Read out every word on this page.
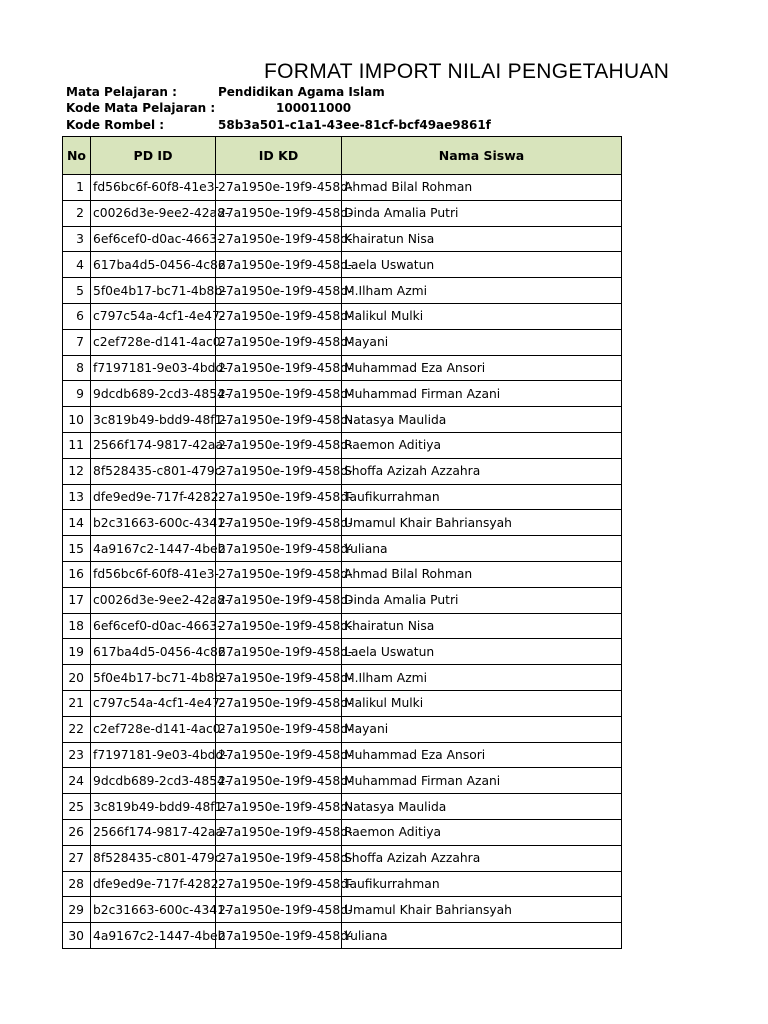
FORMAT IMPORT NILAI PENGETAHUAN
Mata Pelajaran :	Pendidikan Agama Islam
Kode Mata Pelajaran :	100011000
Kode Rombel :	58b3a501-c1a1-43ee-81cf-bcf49ae9861f
No	PD ID	ID KD	Nama Siswa
1	fd56bc6f-60f8-41e3-	27a1950e-19f9-458d-	Ahmad Bilal Rohman
2	c0026d3e-9ee2-42a8-	27a1950e-19f9-458d-	Dinda Amalia Putri
3	6ef6cef0-d0ac-4663-	27a1950e-19f9-458d-	Khairatun Nisa
4	617ba4d5-0456-4c86	27a1950e-19f9-458d-	Laela Uswatun
5	5f0e4b17-bc71-4b8b-	27a1950e-19f9-458d-	M.Ilham Azmi
6	c797c54a-4cf1-4e47-	27a1950e-19f9-458d-	Malikul Mulki
7	c2ef728e-d141-4ac0-	27a1950e-19f9-458d-	Mayani
8	f7197181-9e03-4bdd-	27a1950e-19f9-458d-	Muhammad Eza Ansori
9	9dcdb689-2cd3-4854-	27a1950e-19f9-458d-	Muhammad Firman Azani
10	3c819b49-bdd9-48f1-	27a1950e-19f9-458d-	Natasya Maulida
11	2566f174-9817-42aa-	27a1950e-19f9-458d-	Raemon Aditiya
12	8f528435-c801-479c-	27a1950e-19f9-458d-	Shoffa Azizah Azzahra
13	dfe9ed9e-717f-4282-	27a1950e-19f9-458d-	Taufikurrahman
14	b2c31663-600c-4341-	27a1950e-19f9-458d-	Umamul Khair Bahriansyah
15	4a9167c2-1447-4beb	27a1950e-19f9-458d-	Yuliana
16	fd56bc6f-60f8-41e3-	27a1950e-19f9-458d-	Ahmad Bilal Rohman
17	c0026d3e-9ee2-42a8-	27a1950e-19f9-458d-	Dinda Amalia Putri
18	6ef6cef0-d0ac-4663-	27a1950e-19f9-458d-	Khairatun Nisa
19	617ba4d5-0456-4c86	27a1950e-19f9-458d-	Laela Uswatun
20	5f0e4b17-bc71-4b8b-	27a1950e-19f9-458d-	M.Ilham Azmi
21	c797c54a-4cf1-4e47-	27a1950e-19f9-458d-	Malikul Mulki
22	c2ef728e-d141-4ac0-	27a1950e-19f9-458d-	Mayani
23	f7197181-9e03-4bdd-	27a1950e-19f9-458d-	Muhammad Eza Ansori
24	9dcdb689-2cd3-4854-	27a1950e-19f9-458d-	Muhammad Firman Azani
25	3c819b49-bdd9-48f1-	27a1950e-19f9-458d-	Natasya Maulida
26	2566f174-9817-42aa-	27a1950e-19f9-458d-	Raemon Aditiya
27	8f528435-c801-479c-	27a1950e-19f9-458d-	Shoffa Azizah Azzahra
28	dfe9ed9e-717f-4282-	27a1950e-19f9-458d-	Taufikurrahman
29	b2c31663-600c-4341-	27a1950e-19f9-458d-	Umamul Khair Bahriansyah
30	4a9167c2-1447-4beb	27a1950e-19f9-458d-	Yuliana
